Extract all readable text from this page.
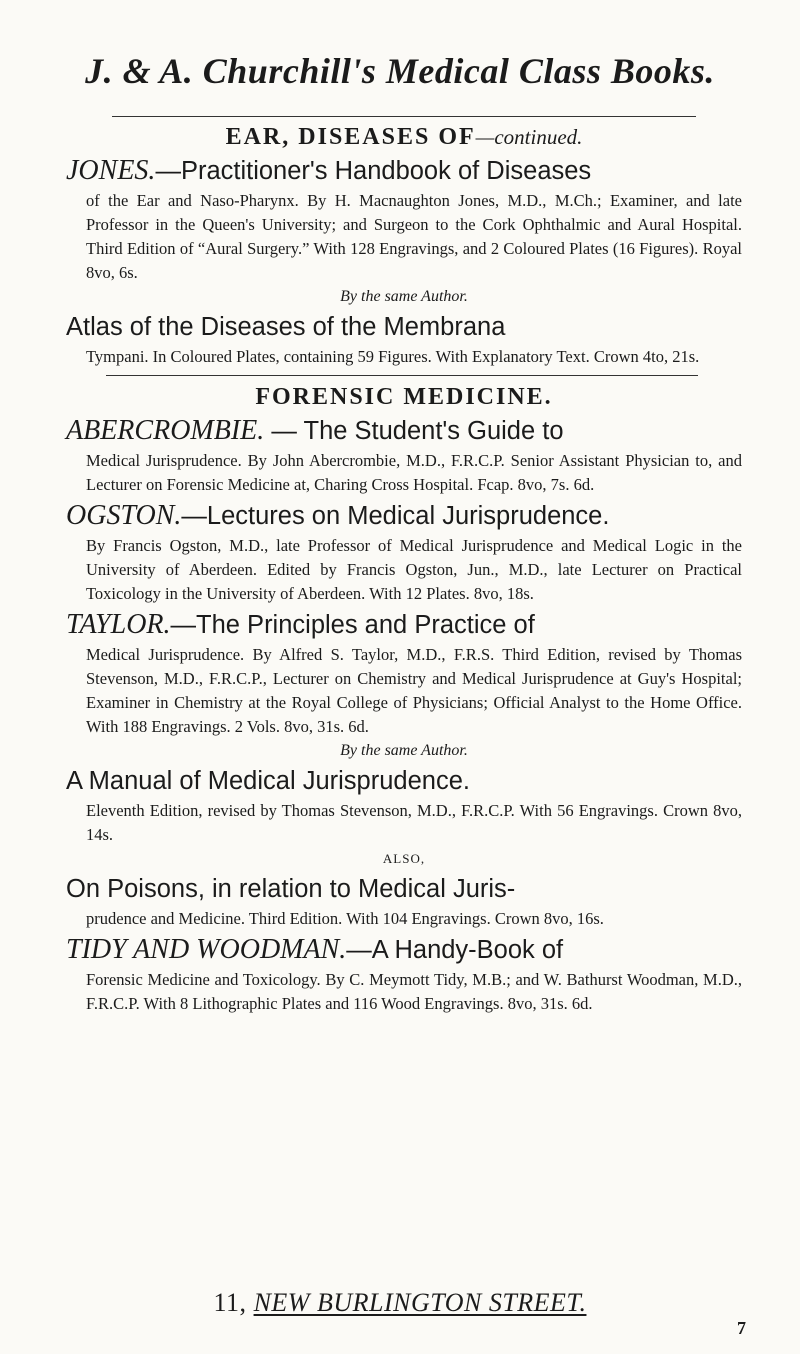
J. & A. Churchill's Medical Class Books.
EAR, DISEASES OF—continued.
JONES.—Practitioner's Handbook of Diseases
of the Ear and Naso-Pharynx. By H. Macnaughton Jones, M.D., M.Ch.; Examiner, and late Professor in the Queen's University; and Surgeon to the Cork Ophthalmic and Aural Hospital. Third Edition of “Aural Surgery.” With 128 Engravings, and 2 Coloured Plates (16 Figures). Royal 8vo, 6s.
By the same Author.
Atlas of the Diseases of the Membrana
Tympani. In Coloured Plates, containing 59 Figures. With Explanatory Text. Crown 4to, 21s.
FORENSIC MEDICINE.
ABERCROMBIE. — The Student's Guide to
Medical Jurisprudence. By John Abercrombie, M.D., F.R.C.P. Senior Assistant Physician to, and Lecturer on Forensic Medicine at, Charing Cross Hospital. Fcap. 8vo, 7s. 6d.
OGSTON.—Lectures on Medical Jurisprudence.
By Francis Ogston, M.D., late Professor of Medical Jurisprudence and Medical Logic in the University of Aberdeen. Edited by Francis Ogston, Jun., M.D., late Lecturer on Practical Toxicology in the University of Aberdeen. With 12 Plates. 8vo, 18s.
TAYLOR.—The Principles and Practice of
Medical Jurisprudence. By Alfred S. Taylor, M.D., F.R.S. Third Edition, revised by Thomas Stevenson, M.D., F.R.C.P., Lecturer on Chemistry and Medical Jurisprudence at Guy's Hospital; Examiner in Chemistry at the Royal College of Physicians; Official Analyst to the Home Office. With 188 Engravings. 2 Vols. 8vo, 31s. 6d.
By the same Author.
A Manual of Medical Jurisprudence.
Eleventh Edition, revised by Thomas Stevenson, M.D., F.R.C.P. With 56 Engravings. Crown 8vo, 14s.
ALSO,
On Poisons, in relation to Medical Juris-
prudence and Medicine. Third Edition. With 104 Engravings. Crown 8vo, 16s.
TIDY AND WOODMAN.—A Handy-Book of
Forensic Medicine and Toxicology. By C. Meymott Tidy, M.B.; and W. Bathurst Woodman, M.D., F.R.C.P. With 8 Lithographic Plates and 116 Wood Engravings. 8vo, 31s. 6d.
11, NEW BURLINGTON STREET.
7
